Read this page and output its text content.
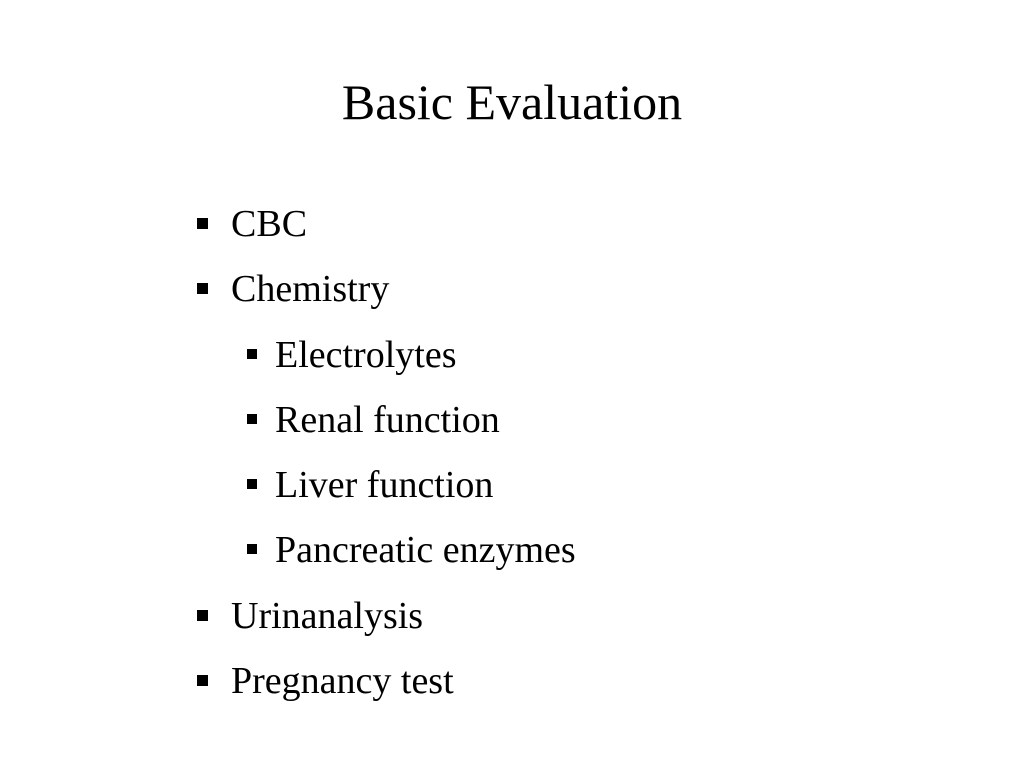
Basic Evaluation
CBC
Chemistry
Electrolytes
Renal function
Liver function
Pancreatic enzymes
Urinanalysis
Pregnancy test
